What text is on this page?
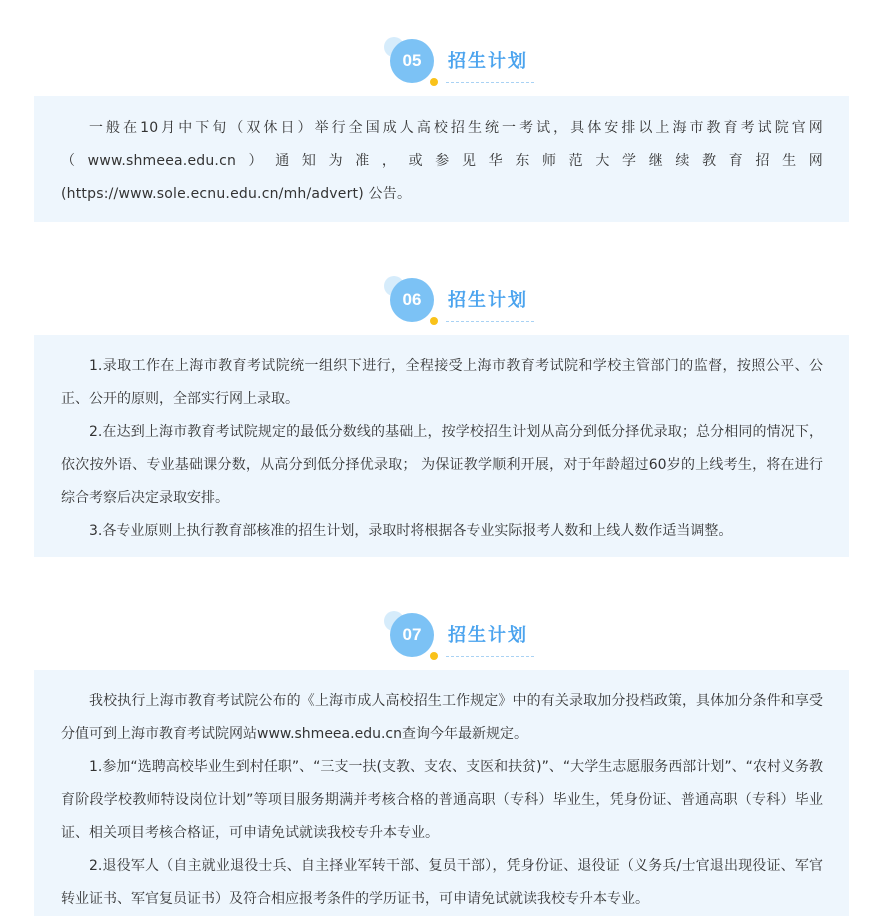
05 招生计划

一般在10月中下旬（双休日）举行全国成人高校招生统一考试，具体安排以上海市教育考试院官网（www.shmeea.edu.cn）通知为准，或参见华东师范大学继续教育招生网(https://www.sole.ecnu.edu.cn/mh/advert) 公告。

06 招生计划

1.录取工作在上海市教育考试院统一组织下进行，全程接受上海市教育考试院和学校主管部门的监督，按照公平、公正、公开的原则，全部实行网上录取。

2.在达到上海市教育考试院规定的最低分数线的基础上，按学校招生计划从高分到低分择优录取；总分相同的情况下，依次按外语、专业基础课分数，从高分到低分择优录取； 为保证教学顺利开展，对于年龄超过60岁的上线考生，将在进行综合考察后决定录取安排。

3.各专业原则上执行教育部核准的招生计划，录取时将根据各专业实际报考人数和上线人数作适当调整。

07 招生计划

我校执行上海市教育考试院公布的《上海市成人高校招生工作规定》中的有关录取加分投档政策，具体加分条件和享受分值可到上海市教育考试院网站www.shmeea.edu.cn查询今年最新规定。

1.参加“选聘高校毕业生到村任职”、“三支一扶(支教、支农、支医和扶贫)”、“大学生志愿服务西部计划”、“农村义务教育阶段学校教师特设岗位计划”等项目服务期满并考核合格的普通高职（专科）毕业生，凭身份证、普通高职（专科）毕业证、相关项目考核合格证，可申请免试就读我校专升本专业。

2.退役军人（自主就业退役士兵、自主择业军转干部、复员干部），凭身份证、退役证（义务兵/士官退出现役证、军官转业证书、军官复员证书）及符合相应报考条件的学历证书，可申请免试就读我校专升本专业。
